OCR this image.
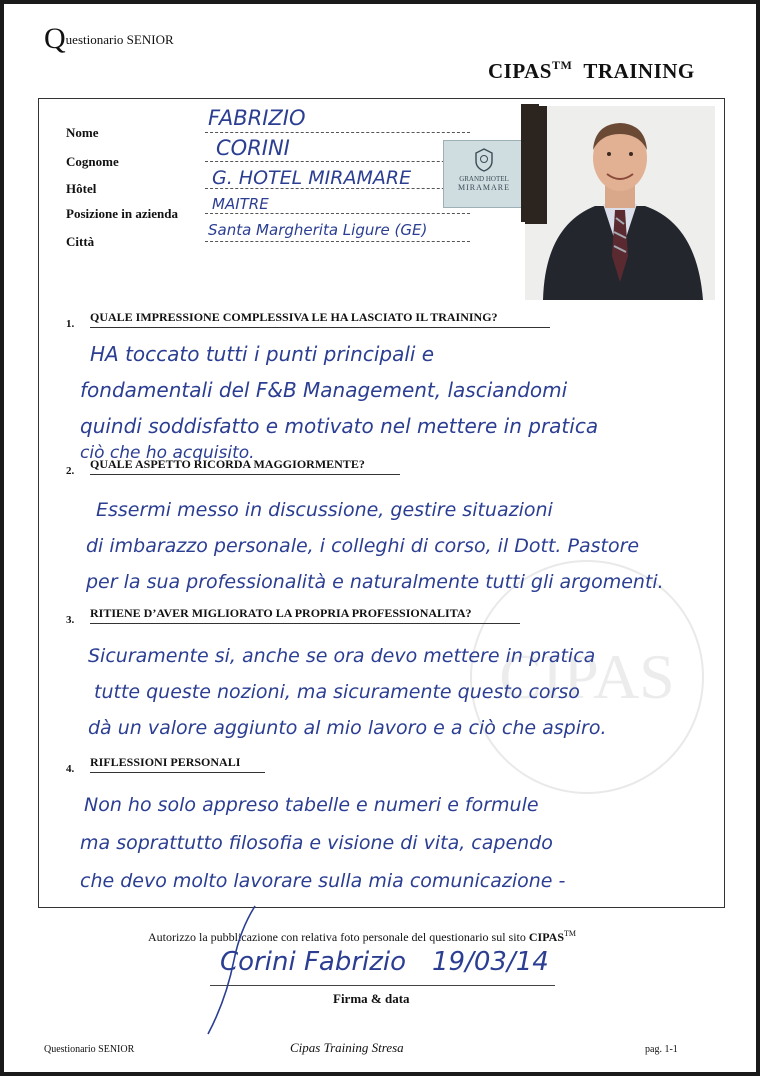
Questionario SENIOR
CIPAS™ TRAINING
CIPAS
Nome
Cognome
Hôtel
Posizione in azienda
Città
FABRIZIO
CORINI
G. HOTEL MIRAMARE
MAITRE
Santa Margherita Ligure (GE)
GRAND HOTEL
MIRAMARE
1. QUALE IMPRESSIONE COMPLESSIVA LE HA LASCIATO IL TRAINING?
HA toccato tutti i punti principali e
fondamentali del F&B Management, lasciandomi
quindi soddisfatto e motivato nel mettere in pratica
ciò che ho acquisito.
2. QUALE ASPETTO RICORDA MAGGIORMENTE?
Essermi messo in discussione, gestire situazioni
di imbarazzo personale, i colleghi di corso, il Dott. Pastore
per la sua professionalità e naturalmente tutti gli argomenti.
3. RITIENE D’AVER MIGLIORATO LA PROPRIA PROFESSIONALITA?
Sicuramente si, anche se ora devo mettere in pratica
tutte queste nozioni, ma sicuramente questo corso
dà un valore aggiunto al mio lavoro e a ciò che aspiro.
4. RIFLESSIONI PERSONALI
Non ho solo appreso tabelle e numeri e formule
ma soprattutto filosofia e visione di vita, capendo
che devo molto lavorare sulla mia comunicazione -
Autorizzo la pubblicazione con relativa foto personale del questionario sul sito CIPAS™
Corini Fabrizio 19/03/14
Firma & data
Questionario SENIOR	Cipas Training Stresa	pag. 1-1
